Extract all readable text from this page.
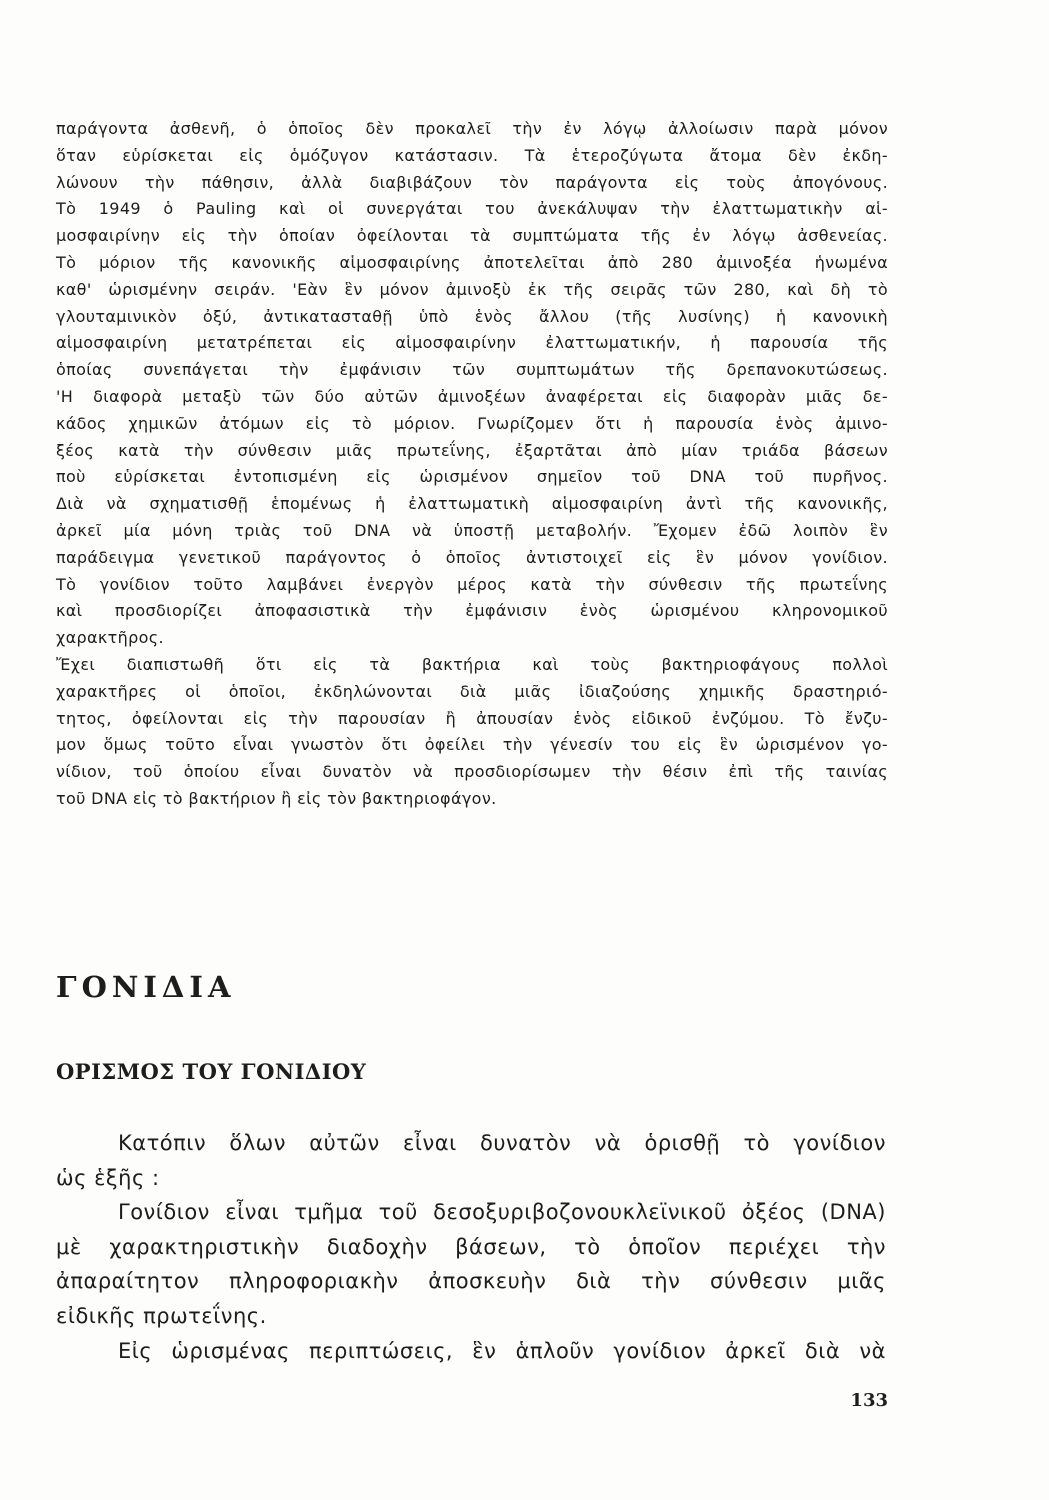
παράγοντα ἀσθενῆ, ὁ ὁποῖος δὲν προκαλεῖ τὴν ἐν λόγῳ ἀλλοίωσιν παρὰ μόνον
ὅταν εὑρίσκεται εἰς ὁμόζυγον κατάστασιν. Τὰ ἑτεροζύγωτα ἄτομα δὲν ἐκδη-
λώνουν τὴν πάθησιν, ἀλλὰ διαβιβάζουν τὸν παράγοντα εἰς τοὺς ἀπογόνους.
Τὸ 1949 ὁ Pauling καὶ οἱ συνεργάται του ἀνεκάλυψαν τὴν ἐλαττωματικὴν αἱ-
μοσφαιρίνην εἰς τὴν ὁποίαν ὀφείλονται τὰ συμπτώματα τῆς ἐν λόγῳ ἀσθενείας.
Τὸ μόριον τῆς κανονικῆς αἱμοσφαιρίνης ἀποτελεῖται ἀπὸ 280 ἀμινοξέα ἡνωμένα
καθ' ὡρισμένην σειράν. 'Εὰν ἓν μόνον ἀμινοξὺ ἐκ τῆς σειρᾶς τῶν 280, καὶ δὴ τὸ
γλουταμινικὸν ὀξύ, ἀντικατασταθῇ ὑπὸ ἑνὸς ἄλλου (τῆς λυσίνης) ἡ κανονικὴ
αἱμοσφαιρίνη μετατρέπεται εἰς αἱμοσφαιρίνην ἐλαττωματικήν, ἡ παρουσία τῆς
ὁποίας συνεπάγεται τὴν ἐμφάνισιν τῶν συμπτωμάτων τῆς δρεπανοκυτώσεως.
'Η διαφορὰ μεταξὺ τῶν δύο αὐτῶν ἀμινοξέων ἀναφέρεται εἰς διαφορὰν μιᾶς δε-
κάδος χημικῶν ἀτόμων εἰς τὸ μόριον. Γνωρίζομεν ὅτι ἡ παρουσία ἑνὸς ἀμινο-
ξέος κατὰ τὴν σύνθεσιν μιᾶς πρωτεΐνης, ἐξαρτᾶται ἀπὸ μίαν τριάδα βάσεων
ποὺ εὑρίσκεται ἐντοπισμένη εἰς ὡρισμένον σημεῖον τοῦ DNA τοῦ πυρῆνος.
Διὰ νὰ σχηματισθῇ ἑπομένως ἡ ἐλαττωματικὴ αἱμοσφαιρίνη ἀντὶ τῆς κανονικῆς,
ἀρκεῖ μία μόνη τριὰς τοῦ DNA νὰ ὑποστῇ μεταβολήν. Ἔχομεν ἐδῶ λοιπὸν ἓν
παράδειγμα γενετικοῦ παράγοντος ὁ ὁποῖος ἀντιστοιχεῖ εἰς ἓν μόνον γονίδιον.
Τὸ γονίδιον τοῦτο λαμβάνει ἐνεργὸν μέρος κατὰ τὴν σύνθεσιν τῆς πρωτεΐνης
καὶ προσδιορίζει ἀποφασιστικὰ τὴν ἐμφάνισιν ἑνὸς ὡρισμένου κληρονομικοῦ
χαρακτῆρος.
Ἔχει διαπιστωθῆ ὅτι εἰς τὰ βακτήρια καὶ τοὺς βακτηριοφάγους πολλοὶ
χαρακτῆρες οἱ ὁποῖοι, ἐκδηλώνονται διὰ μιᾶς ἰδιαζούσης χημικῆς δραστηριό-
τητος, ὀφείλονται εἰς τὴν παρουσίαν ἢ ἀπουσίαν ἑνὸς εἰδικοῦ ἐνζύμου. Τὸ ἔνζυ-
μον ὅμως τοῦτο εἶναι γνωστὸν ὅτι ὀφείλει τὴν γένεσίν του εἰς ἓν ὡρισμένον γο-
νίδιον, τοῦ ὁποίου εἶναι δυνατὸν νὰ προσδιορίσωμεν τὴν θέσιν ἐπὶ τῆς ταινίας
τοῦ DNA εἰς τὸ βακτήριον ἢ εἰς τὸν βακτηριοφάγον.
ΓΟΝΙΔΙΑ
ΟΡΙΣΜΟΣ ΤΟΥ ΓΟΝΙΔΙΟΥ
Κατόπιν ὅλων αὐτῶν εἶναι δυνατὸν νὰ ὁρισθῇ τὸ γονίδιον
ὡς ἑξῆς :
Γονίδιον εἶναι τμῆμα τοῦ δεσοξυριβοζονουκλεϊνικοῦ ὀξέος (DNA)
μὲ χαρακτηριστικὴν διαδοχὴν βάσεων, τὸ ὁποῖον περιέχει τὴν
ἀπαραίτητον πληροφοριακὴν ἀποσκευὴν διὰ τὴν σύνθεσιν μιᾶς
εἰδικῆς πρωτεΐνης.
Εἰς ὡρισμένας περιπτώσεις, ἓν ἁπλοῦν γονίδιον ἀρκεῖ διὰ νὰ

133
